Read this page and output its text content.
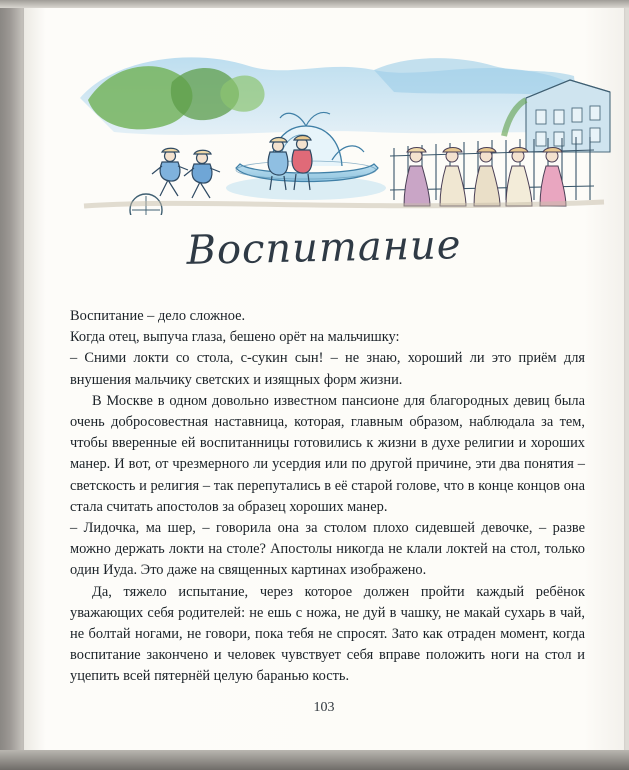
Воспитание

Воспитание – дело сложное.

Когда отец, выпуча глаза, бешено орёт на мальчишку:

– Сними локти со стола, с-сукин сын! – не знаю, хороший ли это приём для внушения мальчику светских и изящных форм жизни.

В Москве в одном довольно известном пансионе для благородных девиц была очень добросовестная наставница, которая, главным образом, наблюдала за тем, чтобы вверенные ей воспитанницы готовились к жизни в духе религии и хороших манер. И вот, от чрезмерного ли усердия или по другой причине, эти два понятия – светскость и религия – так перепутались в её старой голове, что в конце концов она стала считать апостолов за образец хороших манер.

– Лидочка, ма шер, – говорила она за столом плохо сидевшей девочке, – разве можно держать локти на столе? Апостолы никогда не клали локтей на стол, только один Иуда. Это даже на священных картинах изображено.

Да, тяжело испытание, через которое должен пройти каждый ребёнок уважающих себя родителей: не ешь с ножа, не дуй в чашку, не макай сухарь в чай, не болтай ногами, не говори, пока тебя не спросят. Зато как отраден момент, когда воспитание закончено и человек чувствует себя вправе положить ноги на стол и уцепить всей пятернёй целую баранью кость.

103
